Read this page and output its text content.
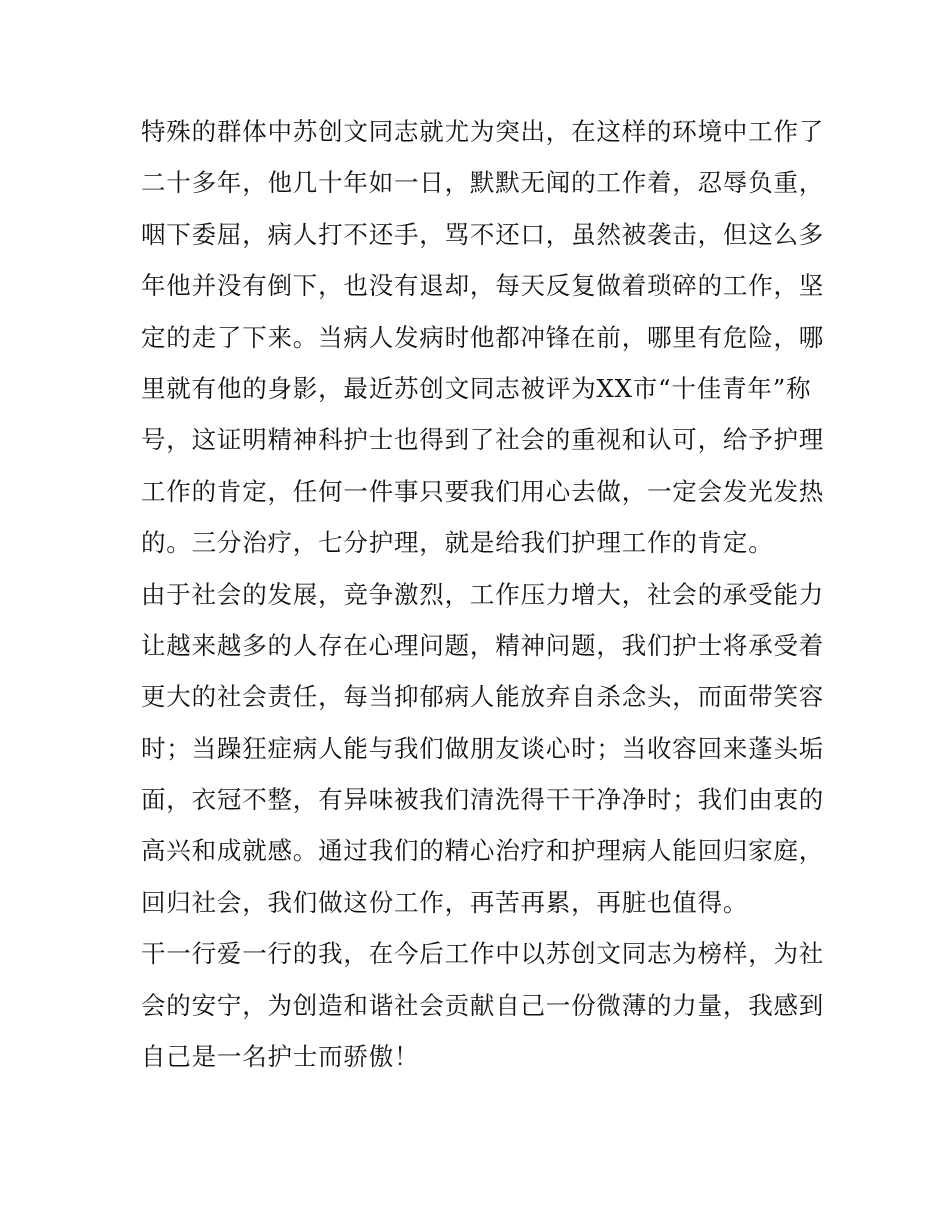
特殊的群体中苏创文同志就尤为突出，在这样的环境中工作了
二十多年，他几十年如一日，默默无闻的工作着，忍辱负重，
咽下委屈，病人打不还手，骂不还口，虽然被袭击，但这么多
年他并没有倒下，也没有退却，每天反复做着琐碎的工作，坚
定的走了下来。当病人发病时他都冲锋在前，哪里有危险，哪
里就有他的身影，最近苏创文同志被评为XX市“十佳青年”称
号，这证明精神科护士也得到了社会的重视和认可，给予护理
工作的肯定，任何一件事只要我们用心去做，一定会发光发热
的。三分治疗，七分护理，就是给我们护理工作的肯定。
由于社会的发展，竞争激烈，工作压力增大，社会的承受能力
让越来越多的人存在心理问题，精神问题，我们护士将承受着
更大的社会责任，每当抑郁病人能放弃自杀念头，而面带笑容
时；当躁狂症病人能与我们做朋友谈心时；当收容回来蓬头垢
面，衣冠不整，有异味被我们清洗得干干净净时；我们由衷的
高兴和成就感。通过我们的精心治疗和护理病人能回归家庭，
回归社会，我们做这份工作，再苦再累，再脏也值得。
干一行爱一行的我，在今后工作中以苏创文同志为榜样，为社
会的安宁，为创造和谐社会贡献自己一份微薄的力量，我感到
自己是一名护士而骄傲！
